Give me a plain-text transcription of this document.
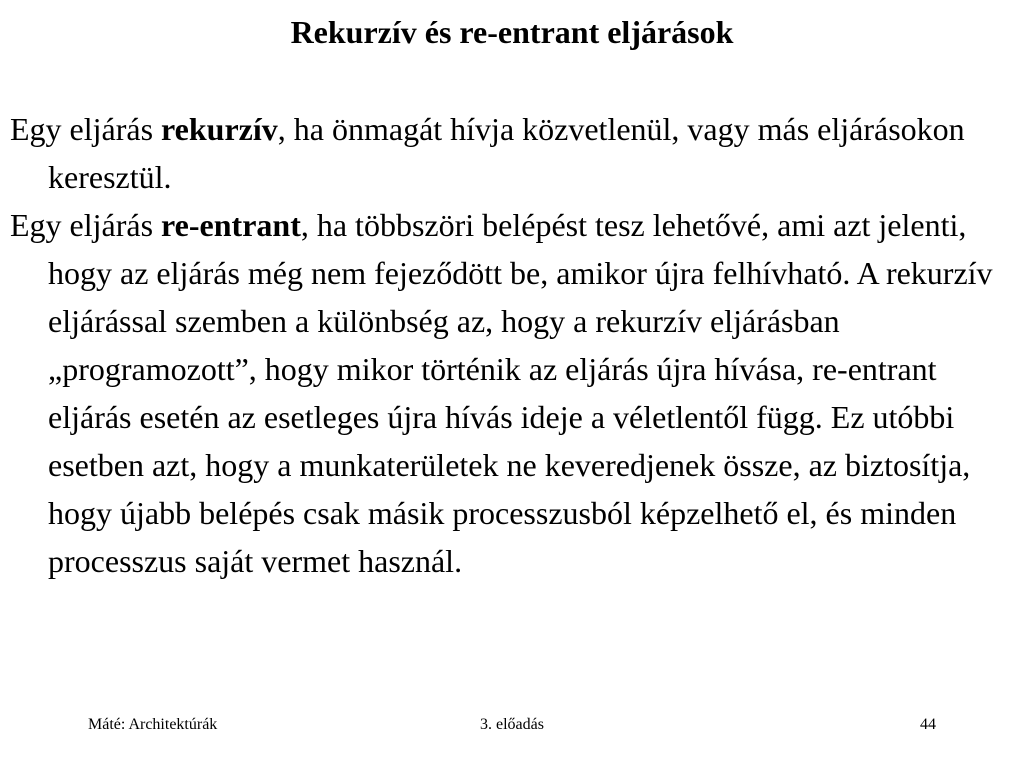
Rekurzív és re-entrant eljárások

Egy eljárás rekurzív, ha önmagát hívja közvetlenül, vagy más eljárásokon keresztül.

Egy eljárás re-entrant, ha többszöri belépést tesz lehetővé, ami azt jelenti, hogy az eljárás még nem fejeződött be, amikor újra felhívható. A rekurzív eljárással szemben a különbség az, hogy a rekurzív eljárásban „programozott”, hogy mikor történik az eljárás újra hívása, re-entrant eljárás esetén az esetleges újra hívás ideje a véletlentől függ. Ez utóbbi esetben azt, hogy a munkaterületek ne keveredjenek össze, az biztosítja, hogy újabb belépés csak másik processzusból képzelhető el, és minden processzus saját vermet használ.

Máté: Architektúrák	3. előadás	44
